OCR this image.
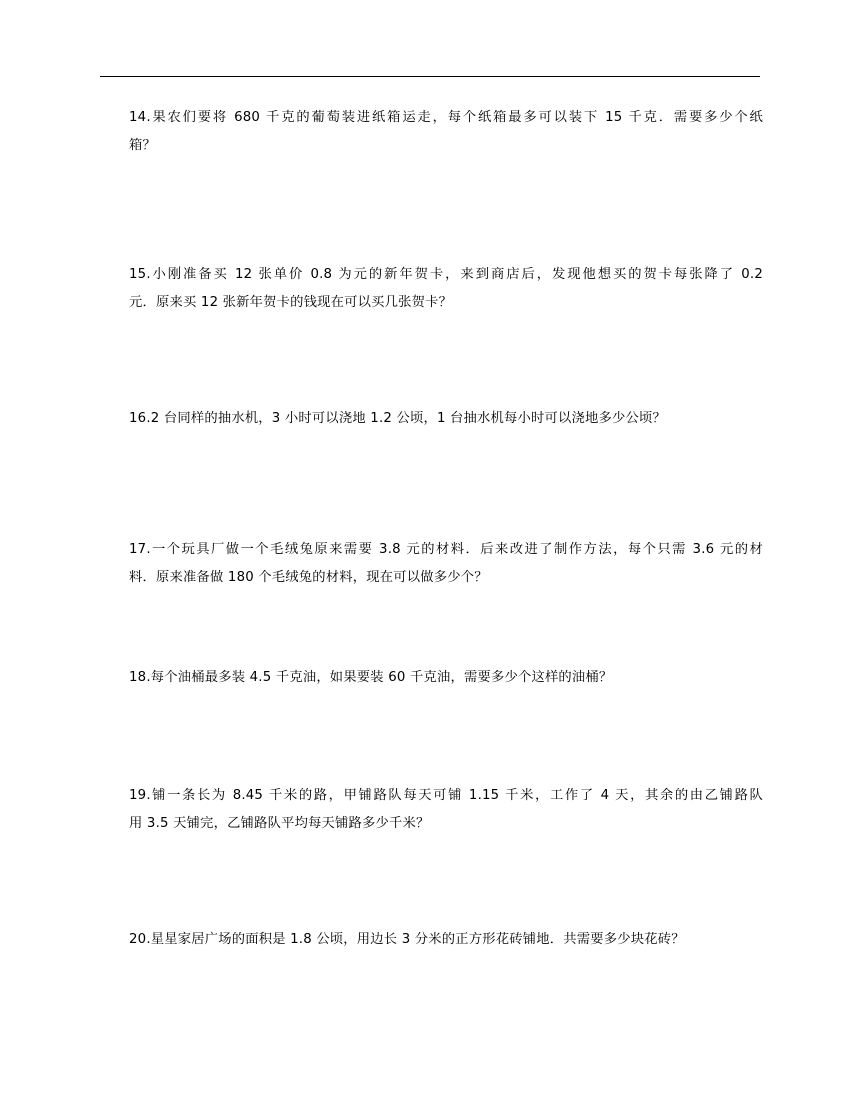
14.果农们要将 680 千克的葡萄装进纸箱运走，每个纸箱最多可以装下 15 千克．需要多少个纸
箱？
15.小刚准备买 12 张单价 0.8 为元的新年贺卡，来到商店后，发现他想买的贺卡每张降了 0.2
元．原来买 12 张新年贺卡的钱现在可以买几张贺卡？
16.2 台同样的抽水机，3 小时可以浇地 1.2 公顷，1 台抽水机每小时可以浇地多少公顷？
17.一个玩具厂做一个毛绒兔原来需要 3.8 元的材料．后来改进了制作方法，每个只需 3.6 元的材
料．原来准备做 180 个毛绒兔的材料，现在可以做多少个？
18.每个油桶最多装 4.5 千克油，如果要装 60 千克油，需要多少个这样的油桶？
19.铺一条长为 8.45 千米的路，甲铺路队每天可铺 1.15 千米，工作了 4 天，其余的由乙铺路队
用 3.5 天铺完，乙铺路队平均每天铺路多少千米？
20.星星家居广场的面积是 1.8 公顷，用边长 3 分米的正方形花砖铺地．共需要多少块花砖？
